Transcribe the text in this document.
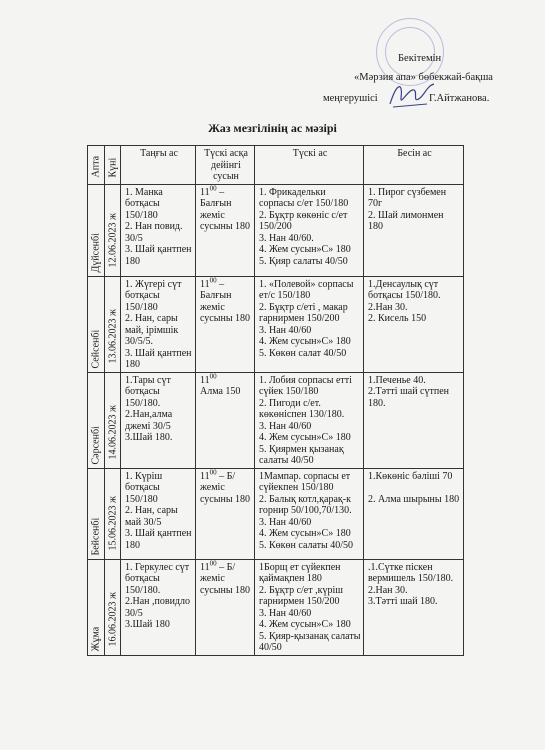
Бекітемін
«Мәрзия апа» бөбекжай-бақша
меңгерушісі	Г.Айтжанова.
Жаз мезгілінің ас мәзірі
Апта	Күні	Таңғы ас	Түскі асқа дейінгі сусын	Түскі ас	Бесін ас

Дүйсенбі	12.06.2023 ж	1. Манка ботқасы 150/180
2. Нан повид. 30/5
3. Шай қантпен 180	$11^{00}$ – Балғын жеміс сусыны 180	1. Фрикадельки сорпасы с/ет 150/180
2. Бұқтр көкөніс с/ет 150/200
3. Нан 40/60.
4. Жем сусын»С» 180
5. Қияр салаты 40/50	1. Пирог сүзбемен 70г
2. Шай лимонмен 180

Сейсенбі	13.06.2023 ж	1. Жүгері сүт ботқасы 150/180
2. Нан, сары май, ірімшік 30/5/5.
3. Шай қантпен 180	$11^{00}$ – Балғын жеміс сусыны 180	1. «Полевой» сорпасы ет/с 150/180
2. Бұқтр с/еті , макар гарнирмен 150/200
3. Нан 40/60
4. Жем сусын»С» 180
5. Көкөн салат 40/50	1.Денсаулық сүт ботқасы 150/180.
2.Нан 30.
2. Кисель 150

Сәрсенбі	14.06.2023 ж	1.Тары сүт ботқасы 150/180.
2.Нан,алма джемі 30/5
3.Шай 180.	$11^{00}$
Алма 150	1. Лобия сорпасы етті сүйек 150/180
2. Пигоди с/ет. көкөніспен 130/180.
3. Нан 40/60
4. Жем сусын»С» 180
5. Қиярмен қызанақ салаты 40/50	1.Печенье 40.
2.Тәтті шай сүтпен 180.

Бейсенбі	15.06.2023 ж	1. Күріш ботқасы 150/180
2. Нан, сары май 30/5
3. Шай қантпен 180	$11^{00}$ – Б/жеміс сусыны 180	1Мампар. сорпасы ет сүйекпен 150/180
2. Балық котл,қарақ-к горнир 50/100,70/130.
3. Нан 40/60
4. Жем сусын»С» 180
5. Көкөн салаты 40/50	1.Көкөніс бәліші 70
2. Алма шырыны 180

Жұма	16.06.2023 ж	1. Геркулес сүт ботқасы 150/180.
2.Нан ,повидло 30/5
3.Шай 180	$11^{00}$ – Б/жеміс сусыны 180	1Борщ ет сүйекпен қаймақпен 180
2. Бұқтр с/ет ,күріш гарнирмен 150/200
3. Нан 40/60
4. Жем сусын»С» 180
5. Қияр-қызанақ салаты 40/50	.1.Сүтке піскен вермишель 150/180.
2.Нан 30.
3.Тәтті шай 180.
